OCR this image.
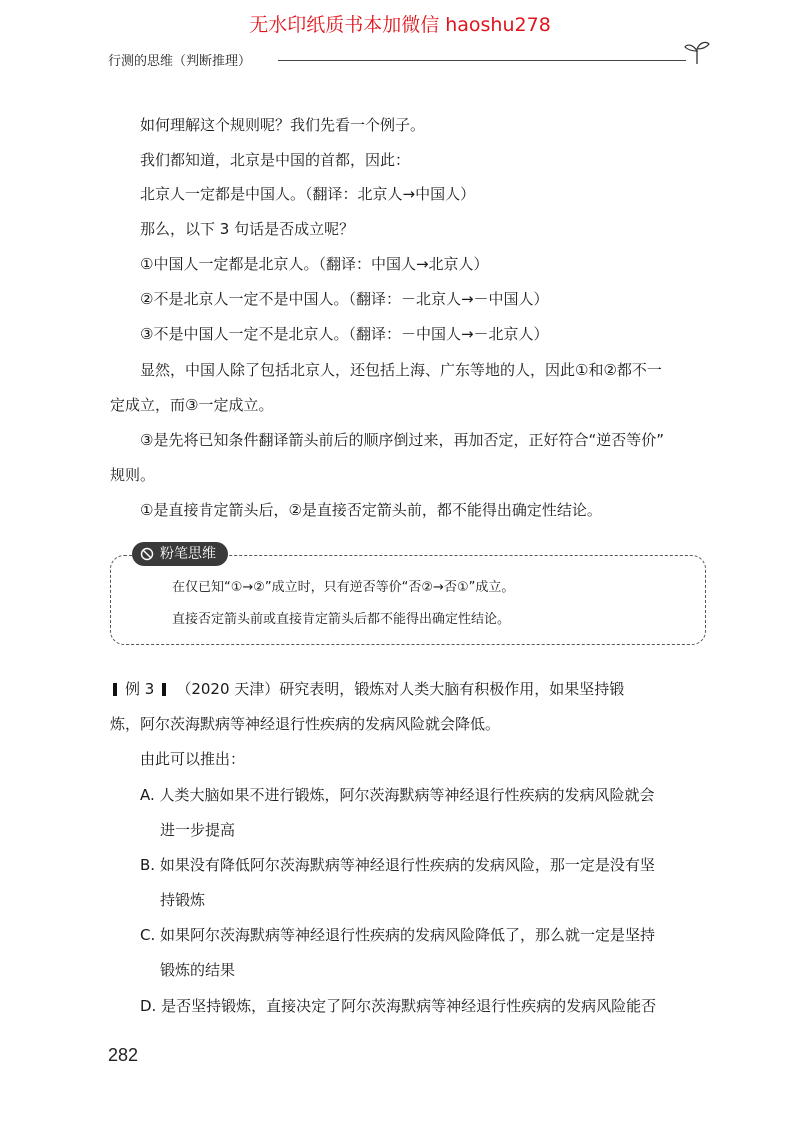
无水印纸质书本加微信 haoshu278
行测的思维（判断推理）
如何理解这个规则呢？我们先看一个例子。
我们都知道，北京是中国的首都，因此：
北京人一定都是中国人。（翻译：北京人→中国人）
那么，以下 3 句话是否成立呢？
①中国人一定都是北京人。（翻译：中国人→北京人）
②不是北京人一定不是中国人。（翻译：－北京人→－中国人）
③不是中国人一定不是北京人。（翻译：－中国人→－北京人）
显然，中国人除了包括北京人，还包括上海、广东等地的人，因此①和②都不一
定成立，而③一定成立。
③是先将已知条件翻译箭头前后的顺序倒过来，再加否定，正好符合“逆否等价”
规则。
①是直接肯定箭头后，②是直接否定箭头前，都不能得出确定性结论。
粉笔思维
在仅已知“①→②”成立时，只有逆否等价“否②→否①”成立。
直接否定箭头前或直接肯定箭头后都不能得出确定性结论。
例 3 （2020 天津）研究表明，锻炼对人类大脑有积极作用，如果坚持锻
炼，阿尔茨海默病等神经退行性疾病的发病风险就会降低。
由此可以推出：
A. 人类大脑如果不进行锻炼，阿尔茨海默病等神经退行性疾病的发病风险就会
进一步提高
B. 如果没有降低阿尔茨海默病等神经退行性疾病的发病风险，那一定是没有坚
持锻炼
C. 如果阿尔茨海默病等神经退行性疾病的发病风险降低了，那么就一定是坚持
锻炼的结果
D. 是否坚持锻炼，直接决定了阿尔茨海默病等神经退行性疾病的发病风险能否
282
